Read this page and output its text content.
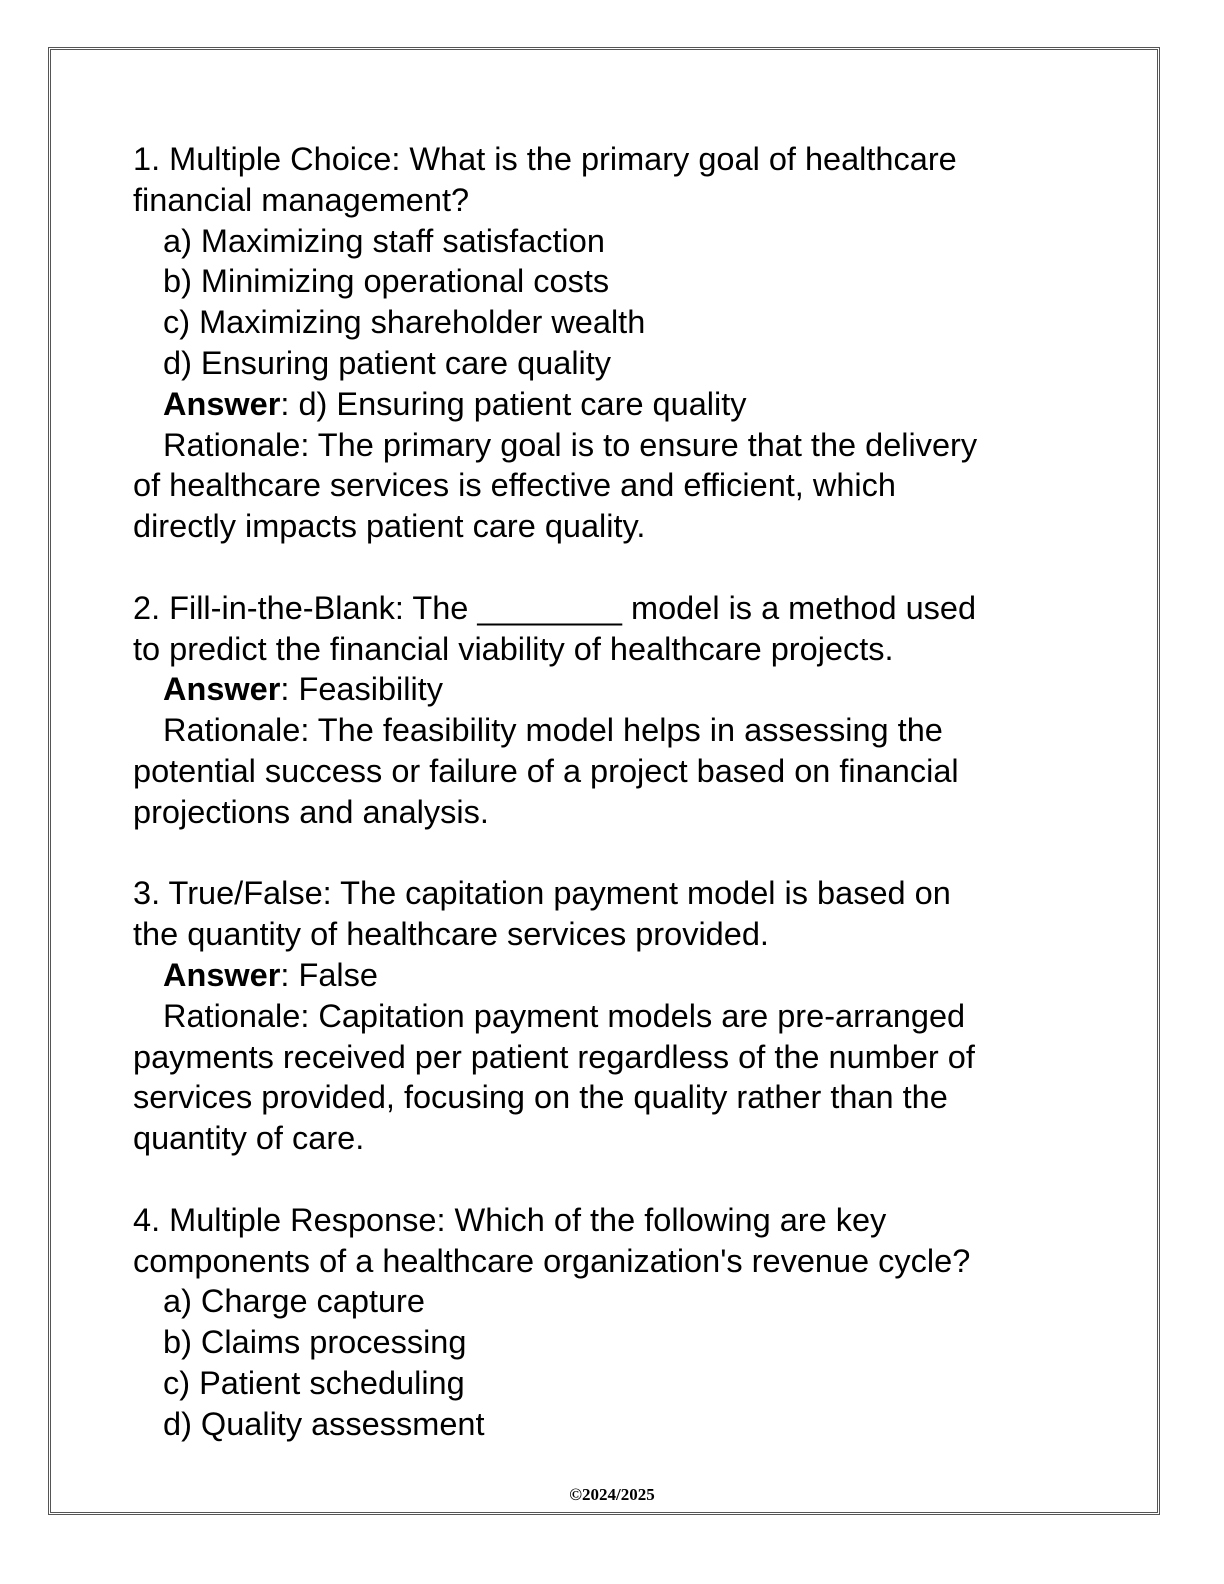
1. Multiple Choice: What is the primary goal of healthcare
financial management?
a) Maximizing staff satisfaction
b) Minimizing operational costs
c) Maximizing shareholder wealth
d) Ensuring patient care quality
Answer: d) Ensuring patient care quality
Rationale: The primary goal is to ensure that the delivery
of healthcare services is effective and efficient, which
directly impacts patient care quality.
2. Fill-in-the-Blank: The ________ model is a method used
to predict the financial viability of healthcare projects.
Answer: Feasibility
Rationale: The feasibility model helps in assessing the
potential success or failure of a project based on financial
projections and analysis.
3. True/False: The capitation payment model is based on
the quantity of healthcare services provided.
Answer: False
Rationale: Capitation payment models are pre-arranged
payments received per patient regardless of the number of
services provided, focusing on the quality rather than the
quantity of care.
4. Multiple Response: Which of the following are key
components of a healthcare organization's revenue cycle?
a) Charge capture
b) Claims processing
c) Patient scheduling
d) Quality assessment
©2024/2025
